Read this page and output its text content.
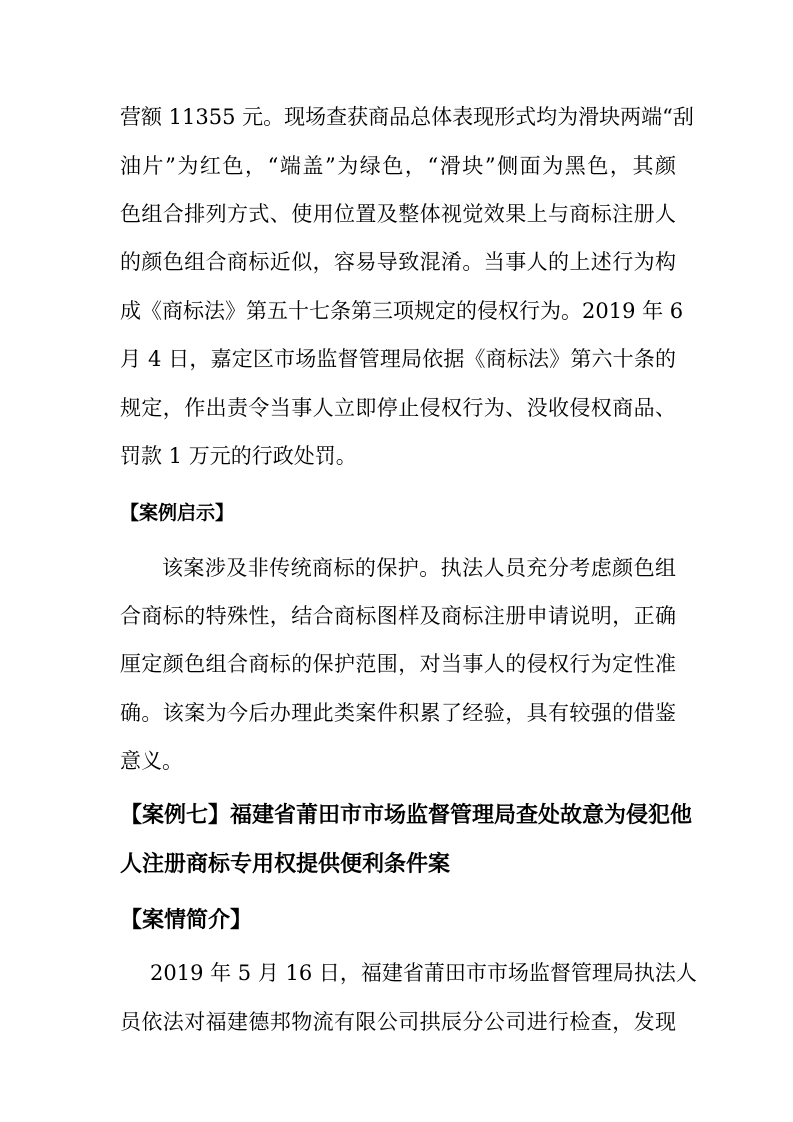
营额 11355 元。现场查获商品总体表现形式均为滑块两端“刮
油片”为红色，“端盖”为绿色，“滑块”侧面为黑色，其颜
色组合排列方式、使用位置及整体视觉效果上与商标注册人
的颜色组合商标近似，容易导致混淆。当事人的上述行为构
成《商标法》第五十七条第三项规定的侵权行为。2019 年 6
月 4 日，嘉定区市场监督管理局依据《商标法》第六十条的
规定，作出责令当事人立即停止侵权行为、没收侵权商品、
罚款 1 万元的行政处罚。
【案例启示】
该案涉及非传统商标的保护。执法人员充分考虑颜色组
合商标的特殊性，结合商标图样及商标注册申请说明，正确
厘定颜色组合商标的保护范围，对当事人的侵权行为定性准
确。该案为今后办理此类案件积累了经验，具有较强的借鉴
意义。
【案例七】福建省莆田市市场监督管理局查处故意为侵犯他
人注册商标专用权提供便利条件案
【案情简介】
2019 年 5 月 16 日，福建省莆田市市场监督管理局执法人
员依法对福建德邦物流有限公司拱辰分公司进行检查，发现
